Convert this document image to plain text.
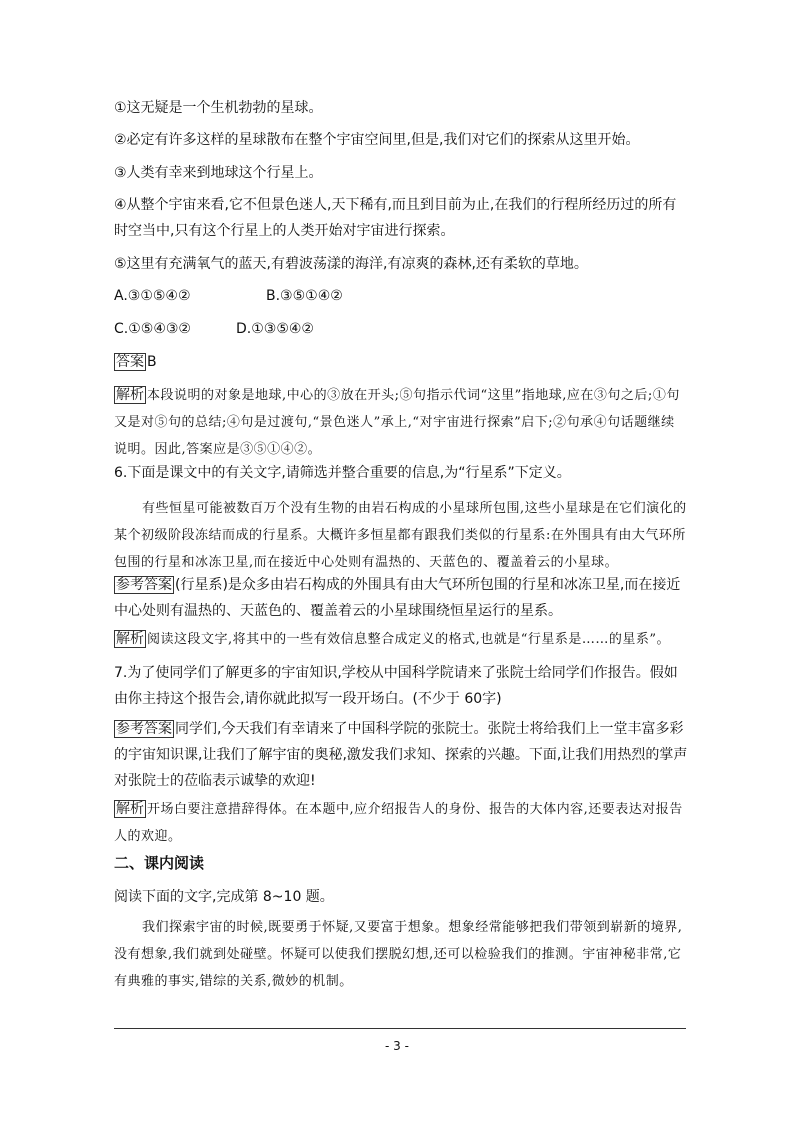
①这无疑是一个生机勃勃的星球。
②必定有许多这样的星球散布在整个宇宙空间里,但是,我们对它们的探索从这里开始。
③人类有幸来到地球这个行星上。
④从整个宇宙来看,它不但景色迷人,天下稀有,而且到目前为止,在我们的行程所经历过的所有时空当中,只有这个行星上的人类开始对宇宙进行探索。
⑤这里有充满氧气的蓝天,有碧波荡漾的海洋,有凉爽的森林,还有柔软的草地。
A.③①⑤④②	B.③⑤①④②
C.①⑤④③②	D.①③⑤④②
答案 B
解析 本段说明的对象是地球,中心的③放在开头;⑤句指示代词“这里”指地球,应在③句之后;①句又是对⑤句的总结;④句是过渡句,“景色迷人”承上,“对宇宙进行探索”启下;②句承④句话题继续说明。因此,答案应是③⑤①④②。
6.下面是课文中的有关文字,请筛选并整合重要的信息,为“行星系”下定义。
有些恒星可能被数百万个没有生物的由岩石构成的小星球所包围,这些小星球是在它们演化的某个初级阶段冻结而成的行星系。大概许多恒星都有跟我们类似的行星系:在外围具有由大气环所包围的行星和冰冻卫星,而在接近中心处则有温热的、天蓝色的、覆盖着云的小星球。
参考答案 (行星系)是众多由岩石构成的外围具有由大气环所包围的行星和冰冻卫星,而在接近中心处则有温热的、天蓝色的、覆盖着云的小星球围绕恒星运行的星系。
解析 阅读这段文字,将其中的一些有效信息整合成定义的格式,也就是“行星系是……的星系”。
7.为了使同学们了解更多的宇宙知识,学校从中国科学院请来了张院士给同学们作报告。假如由你主持这个报告会,请你就此拟写一段开场白。(不少于 60字)
参考答案 同学们,今天我们有幸请来了中国科学院的张院士。张院士将给我们上一堂丰富多彩的宇宙知识课,让我们了解宇宙的奥秘,激发我们求知、探索的兴趣。下面,让我们用热烈的掌声对张院士的莅临表示诚挚的欢迎!
解析 开场白要注意措辞得体。在本题中,应介绍报告人的身份、报告的大体内容,还要表达对报告人的欢迎。
二、课内阅读
阅读下面的文字,完成第 8~10 题。
我们探索宇宙的时候,既要勇于怀疑,又要富于想象。想象经常能够把我们带领到崭新的境界,没有想象,我们就到处碰壁。怀疑可以使我们摆脱幻想,还可以检验我们的推测。宇宙神秘非常,它有典雅的事实,错综的关系,微妙的机制。
- 3 -
